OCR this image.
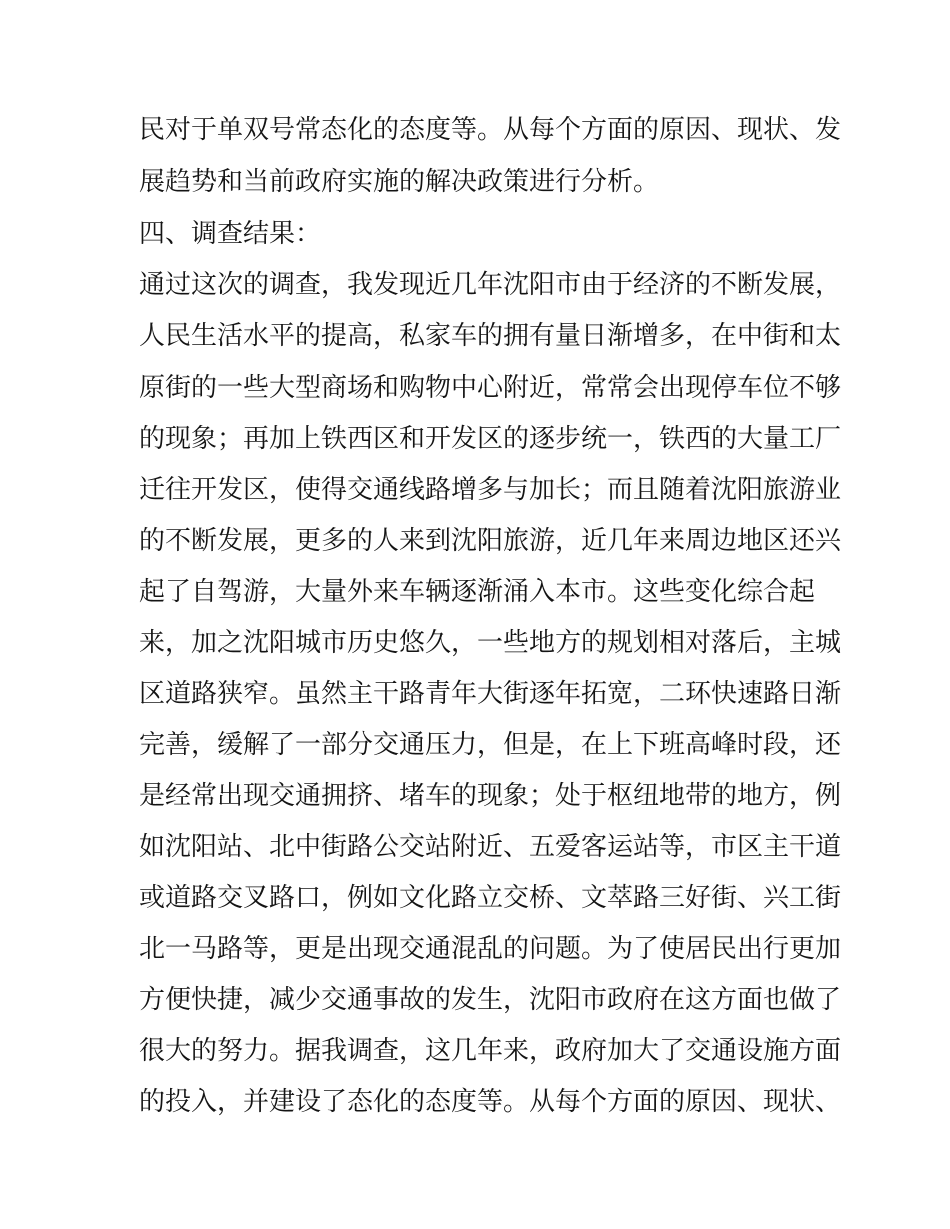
民对于单双号常态化的态度等。从每个方面的原因、现状、发
展趋势和当前政府实施的解决政策进行分析。
四、调查结果：
通过这次的调查，我发现近几年沈阳市由于经济的不断发展，
人民生活水平的提高，私家车的拥有量日渐增多，在中街和太
原街的一些大型商场和购物中心附近，常常会出现停车位不够
的现象；再加上铁西区和开发区的逐步统一，铁西的大量工厂
迁往开发区，使得交通线路增多与加长；而且随着沈阳旅游业
的不断发展，更多的人来到沈阳旅游，近几年来周边地区还兴
起了自驾游，大量外来车辆逐渐涌入本市。这些变化综合起
来，加之沈阳城市历史悠久，一些地方的规划相对落后，主城
区道路狭窄。虽然主干路青年大街逐年拓宽，二环快速路日渐
完善，缓解了一部分交通压力，但是，在上下班高峰时段，还
是经常出现交通拥挤、堵车的现象；处于枢纽地带的地方，例
如沈阳站、北中街路公交站附近、五爱客运站等，市区主干道
或道路交叉路口，例如文化路立交桥、文萃路三好街、兴工街
北一马路等，更是出现交通混乱的问题。为了使居民出行更加
方便快捷，减少交通事故的发生，沈阳市政府在这方面也做了
很大的努力。据我调查，这几年来，政府加大了交通设施方面
的投入，并建设了态化的态度等。从每个方面的原因、现状、
